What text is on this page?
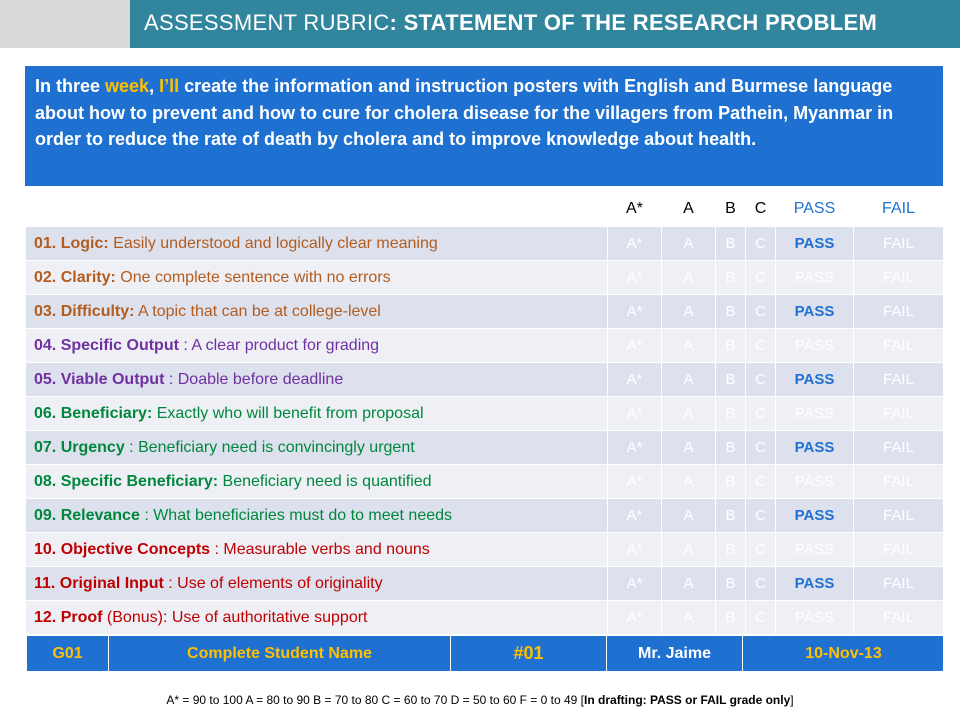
ASSESSMENT RUBRIC: STATEMENT OF THE RESEARCH PROBLEM
In three week, I’ll create the information and instruction posters with English and Burmese language about how to prevent and how to cure for cholera disease for the villagers from Pathein, Myanmar in order to reduce the rate of death by cholera and to improve knowledge about health.
	A*	A	B	C	PASS	FAIL
01. Logic: Easily understood and logically clear meaning	A*	A	B	C	PASS	FAIL
02. Clarity: One complete sentence with no errors	A*	A	B	C	PASS	FAIL
03. Difficulty: A topic that can be at college-level	A*	A	B	C	PASS	FAIL
04. Specific Output : A clear product for grading	A*	A	B	C	PASS	FAIL
05. Viable Output : Doable before deadline	A*	A	B	C	PASS	FAIL
06. Beneficiary: Exactly who will benefit from proposal	A*	A	B	C	PASS	FAIL
07. Urgency : Beneficiary need is convincingly urgent	A*	A	B	C	PASS	FAIL
08. Specific Beneficiary: Beneficiary need is quantified	A*	A	B	C	PASS	FAIL
09. Relevance : What beneficiaries must do to meet needs	A*	A	B	C	PASS	FAIL
10. Objective Concepts : Measurable verbs and nouns	A*	A	B	C	PASS	FAIL
11. Original Input : Use of elements of originality	A*	A	B	C	PASS	FAIL
12. Proof (Bonus): Use of authoritative support	A*	A	B	C	PASS	FAIL

G01	Complete Student Name	#01	Mr. Jaime	10-Nov-13
A* = 90 to 100 A = 80 to 90 B = 70 to 80 C = 60 to 70 D = 50 to 60 F = 0 to 49 [In drafting: PASS or FAIL grade only]
